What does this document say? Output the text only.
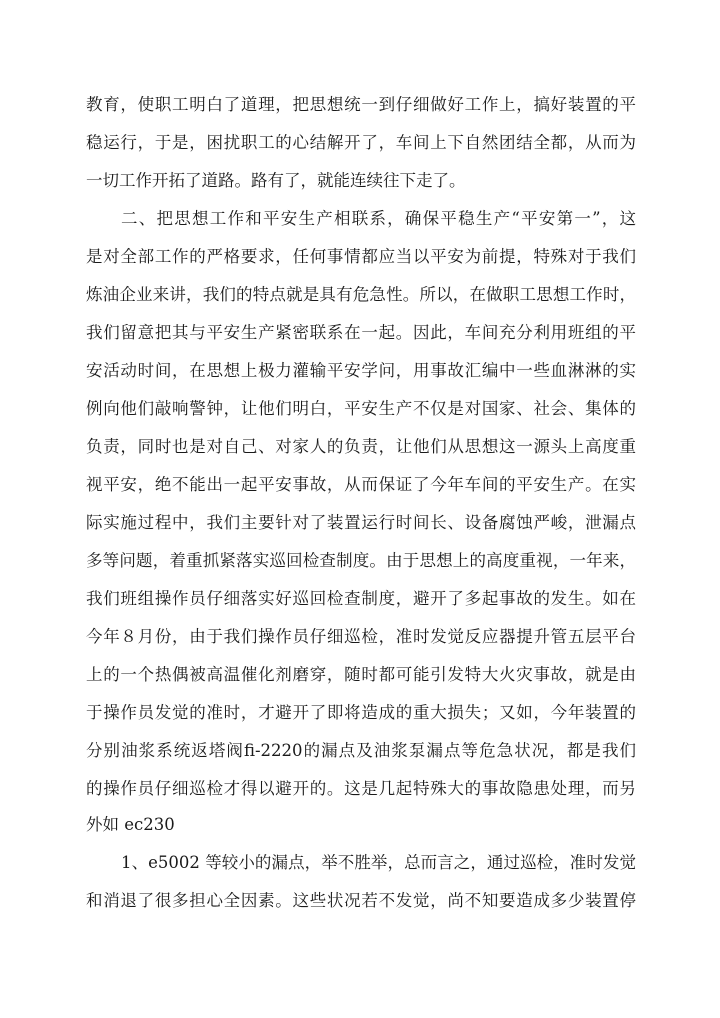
教育，使职工明白了道理，把思想统一到仔细做好工作上，搞好装置的平
稳运行，于是，困扰职工的心结解开了，车间上下自然团结全都，从而为
一切工作开拓了道路。路有了，就能连续往下走了。
二、把思想工作和平安生产相联系，确保平稳生产“平安第一”，这
是对全部工作的严格要求，任何事情都应当以平安为前提，特殊对于我们
炼油企业来讲，我们的特点就是具有危急性。所以，在做职工思想工作时，
我们留意把其与平安生产紧密联系在一起。因此，车间充分利用班组的平
安活动时间，在思想上极力灌输平安学问，用事故汇编中一些血淋淋的实
例向他们敲响警钟，让他们明白，平安生产不仅是对国家、社会、集体的
负责，同时也是对自己、对家人的负责，让他们从思想这一源头上高度重
视平安，绝不能出一起平安事故，从而保证了今年车间的平安生产。在实
际实施过程中，我们主要针对了装置运行时间长、设备腐蚀严峻，泄漏点
多等问题，着重抓紧落实巡回检查制度。由于思想上的高度重视，一年来，
我们班组操作员仔细落实好巡回检查制度，避开了多起事故的发生。如在
今年８月份，由于我们操作员仔细巡检，准时发觉反应器提升管五层平台
上的一个热偶被高温催化剂磨穿，随时都可能引发特大火灾事故，就是由
于操作员发觉的准时，才避开了即将造成的重大损失；又如，今年装置的
分别油浆系统返塔阀fi-2220的漏点及油浆泵漏点等危急状况，都是我们
的操作员仔细巡检才得以避开的。这是几起特殊大的事故隐患处理，而另
外如 ec230
1、e5002 等较小的漏点，举不胜举，总而言之，通过巡检，准时发觉
和消退了很多担心全因素。这些状况若不发觉，尚不知要造成多少装置停
